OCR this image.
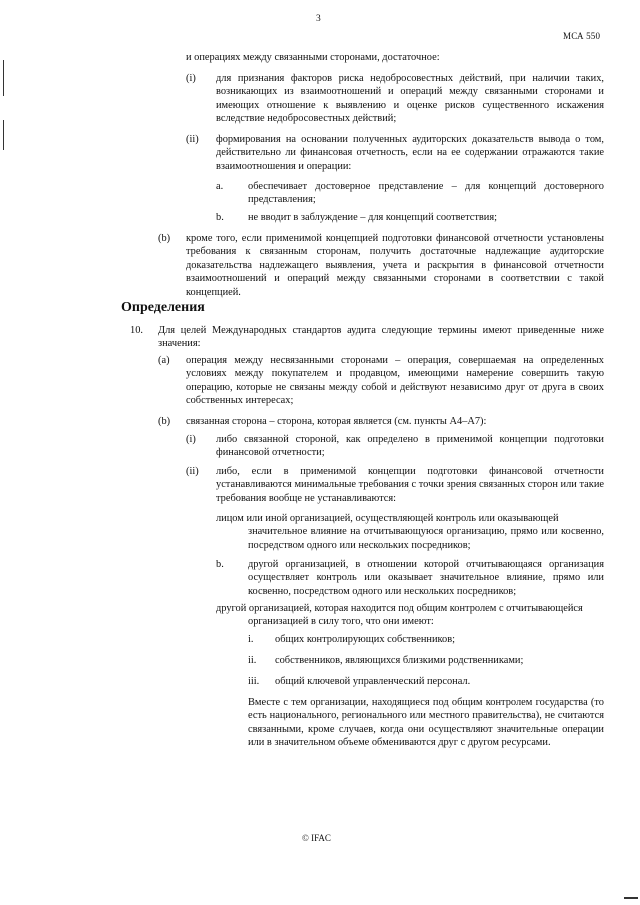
3
МСА 550
и операциях между связанными сторонами, достаточное:
(i) для признания факторов риска недобросовестных действий, при наличии таких, возникающих из взаимоотношений и операций между связанными сторонами и имеющих отношение к выявлению и оценке рисков существенного искажения вследствие недобросовестных действий;
(ii) формирования на основании полученных аудиторских доказательств вывода о том, действительно ли финансовая отчетность, если на ее содержании отражаются такие взаимоотношения и операции:
a. обеспечивает достоверное представление – для концепций достоверного представления;
b. не вводит в заблуждение – для концепций соответствия;
(b) кроме того, если применимой концепцией подготовки финансовой отчетности установлены требования к связанным сторонам, получить достаточные надлежащие аудиторские доказательства надлежащего выявления, учета и раскрытия в финансовой отчетности взаимоотношений и операций между связанными сторонами в соответствии с такой концепцией.
Определения
10. Для целей Международных стандартов аудита следующие термины имеют приведенные ниже значения:
(a) операция между несвязанными сторонами – операция, совершаемая на определенных условиях между покупателем и продавцом, имеющими намерение совершить такую операцию, которые не связаны между собой и действуют независимо друг от друга в своих собственных интересах;
(b) связанная сторона – сторона, которая является (см. пункты A4–A7):
(i) либо связанной стороной, как определено в применимой концепции подготовки финансовой отчетности;
(ii) либо, если в применимой концепции подготовки финансовой отчетности устанавливаются минимальные требования с точки зрения связанных сторон или такие требования вообще не устанавливаются:
лицом или иной организацией, осуществляющей контроль или оказывающей
значительное влияние на отчитывающуюся организацию, прямо или косвенно, посредством одного или нескольких посредников;
b. другой организацией, в отношении которой отчитывающаяся организация осуществляет контроль или оказывает значительное влияние, прямо или косвенно, посредством одного или нескольких посредников;
другой организацией, которая находится под общим контролем с отчитывающейся
организацией в силу того, что они имеют:
i. общих контролирующих собственников;
ii. собственников, являющихся близкими родственниками;
iii. общий ключевой управленческий персонал.
Вместе с тем организации, находящиеся под общим контролем государства (то есть национального, регионального или местного правительства), не считаются связанными, кроме случаев, когда они осуществляют значительные операции или в значительном объеме обмениваются друг с другом ресурсами.
© IFAC
